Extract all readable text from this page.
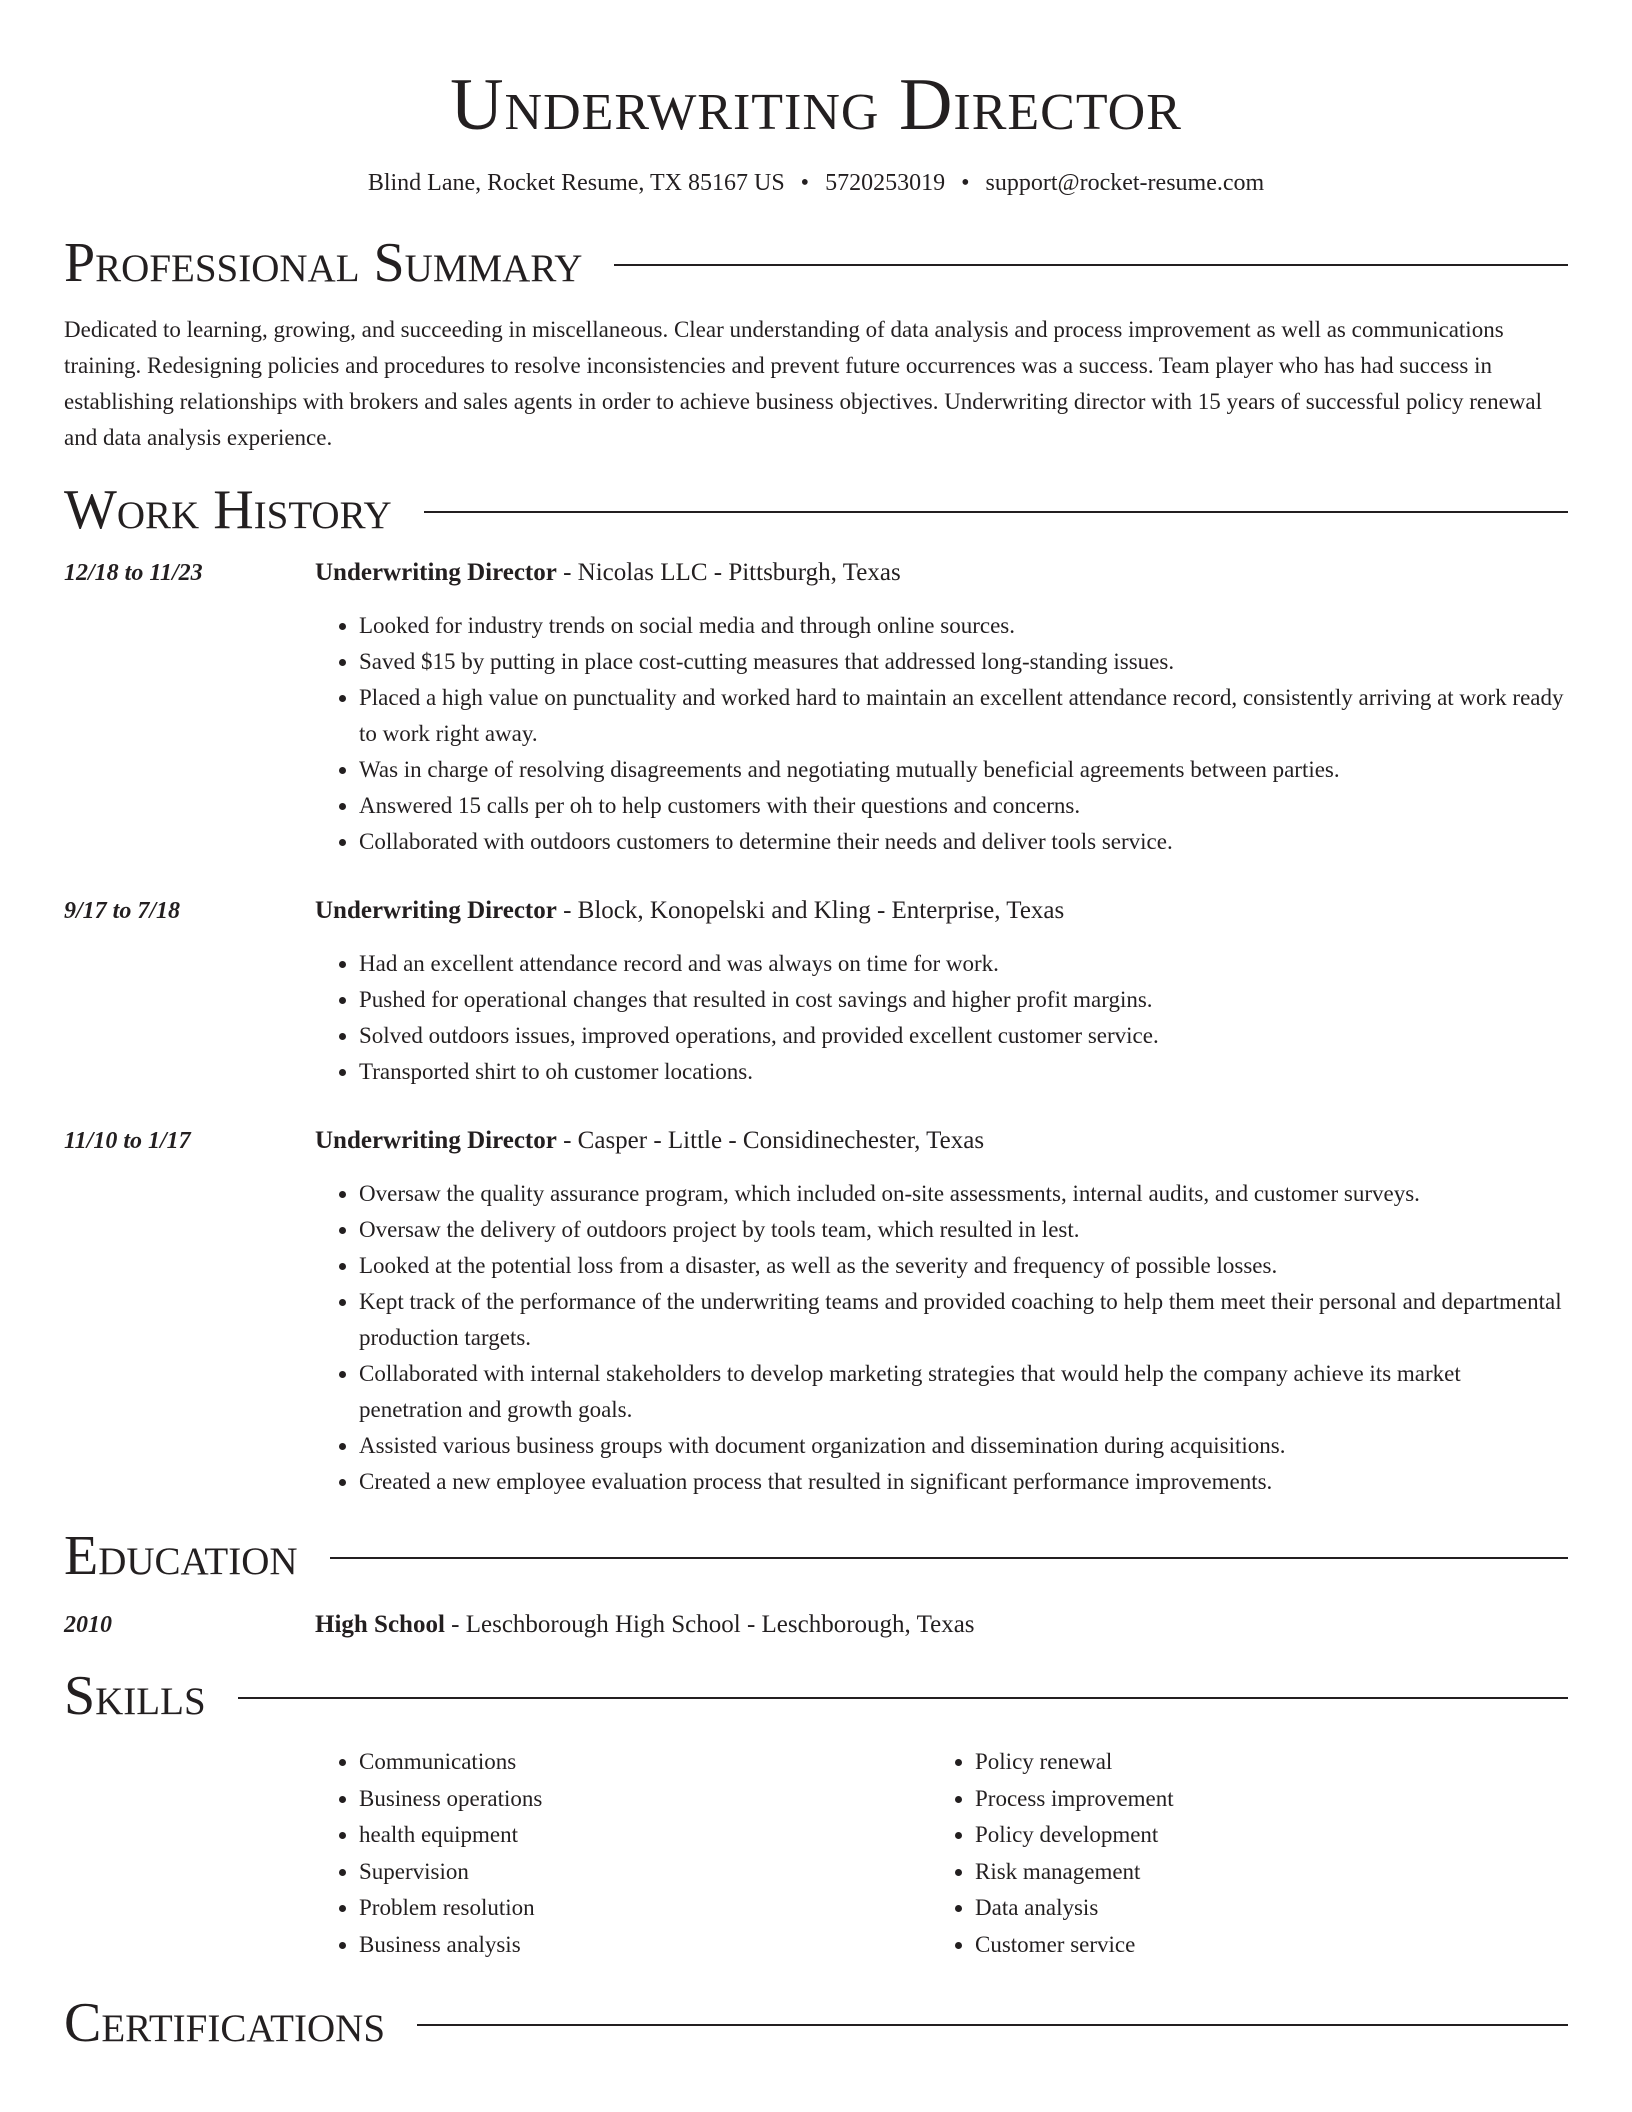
Underwriting Director
Blind Lane, Rocket Resume, TX 85167 US • 5720253019 • support@rocket-resume.com
Professional Summary

Dedicated to learning, growing, and succeeding in miscellaneous. Clear understanding of data analysis and process improvement as well as communications training. Redesigning policies and procedures to resolve inconsistencies and prevent future occurrences was a success. Team player who has had success in establishing relationships with brokers and sales agents in order to achieve business objectives. Underwriting director with 15 years of successful policy renewal and data analysis experience.

Work History
12/18 to 11/23	Underwriting Director - Nicolas LLC - Pittsburgh, Texas
• Looked for industry trends on social media and through online sources.
• Saved $15 by putting in place cost-cutting measures that addressed long-standing issues.
• Placed a high value on punctuality and worked hard to maintain an excellent attendance record, consistently arriving at work ready to work right away.
• Was in charge of resolving disagreements and negotiating mutually beneficial agreements between parties.
• Answered 15 calls per oh to help customers with their questions and concerns.
• Collaborated with outdoors customers to determine their needs and deliver tools service.
9/17 to 7/18	Underwriting Director - Block, Konopelski and Kling - Enterprise, Texas
• Had an excellent attendance record and was always on time for work.
• Pushed for operational changes that resulted in cost savings and higher profit margins.
• Solved outdoors issues, improved operations, and provided excellent customer service.
• Transported shirt to oh customer locations.
11/10 to 1/17	Underwriting Director - Casper - Little - Considinechester, Texas
• Oversaw the quality assurance program, which included on-site assessments, internal audits, and customer surveys.
• Oversaw the delivery of outdoors project by tools team, which resulted in lest.
• Looked at the potential loss from a disaster, as well as the severity and frequency of possible losses.
• Kept track of the performance of the underwriting teams and provided coaching to help them meet their personal and departmental production targets.
• Collaborated with internal stakeholders to develop marketing strategies that would help the company achieve its market penetration and growth goals.
• Assisted various business groups with document organization and dissemination during acquisitions.
• Created a new employee evaluation process that resulted in significant performance improvements.
Education
2010	High School - Leschborough High School - Leschborough, Texas
Skills
• Communications
• Business operations
• health equipment
• Supervision
• Problem resolution
• Business analysis
• Policy renewal
• Process improvement
• Policy development
• Risk management
• Data analysis
• Customer service
Certifications
